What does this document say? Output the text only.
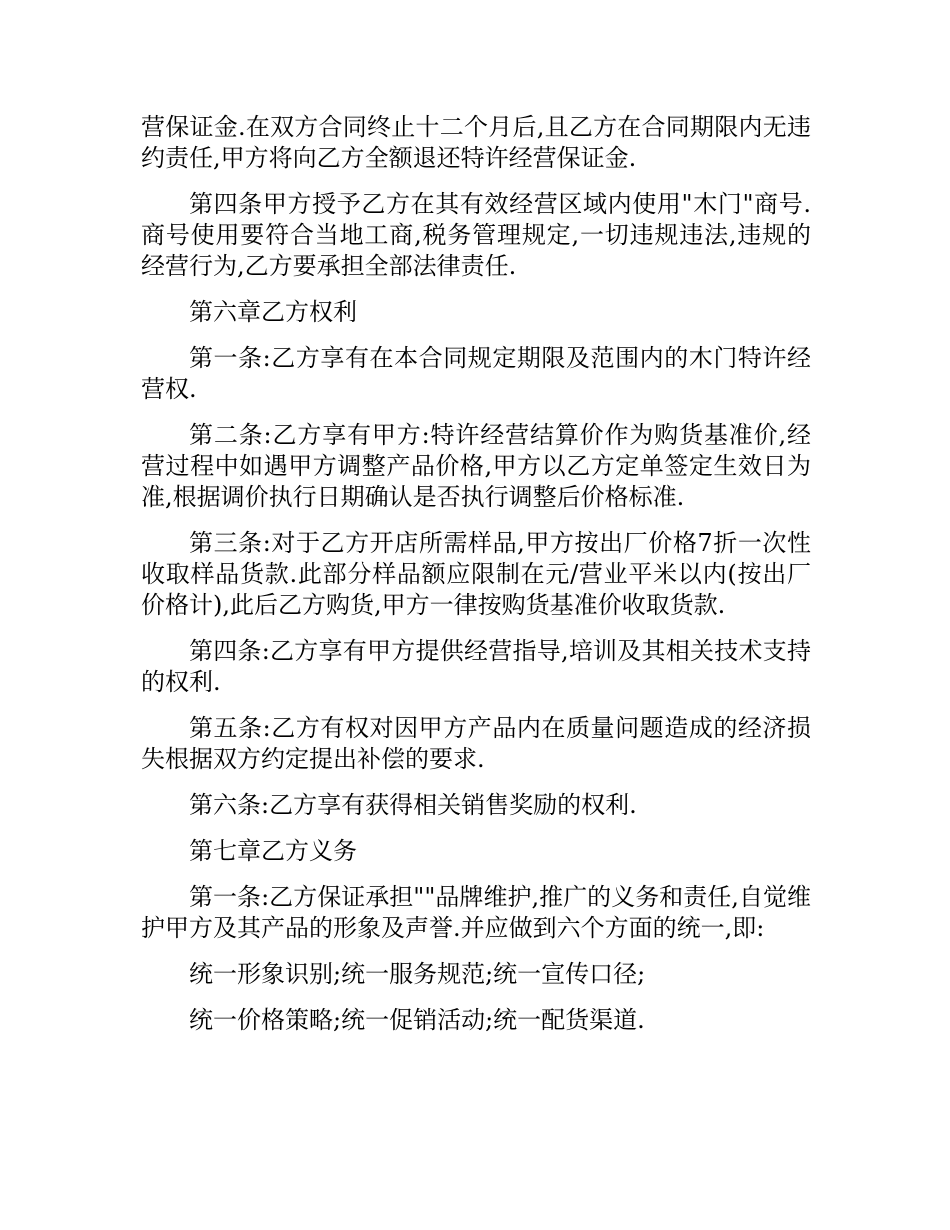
营保证金.在双方合同终止十二个月后,且乙方在合同期限内无违约责任,甲方将向乙方全额退还特许经营保证金.

第四条甲方授予乙方在其有效经营区域内使用"木门"商号.商号使用要符合当地工商,税务管理规定,一切违规违法,违规的经营行为,乙方要承担全部法律责任.

第六章乙方权利

第一条:乙方享有在本合同规定期限及范围内的木门特许经营权.

第二条:乙方享有甲方:特许经营结算价作为购货基准价,经营过程中如遇甲方调整产品价格,甲方以乙方定单签定生效日为准,根据调价执行日期确认是否执行调整后价格标准.

第三条:对于乙方开店所需样品,甲方按出厂价格7折一次性收取样品货款.此部分样品额应限制在元/营业平米以内(按出厂价格计),此后乙方购货,甲方一律按购货基准价收取货款.

第四条:乙方享有甲方提供经营指导,培训及其相关技术支持的权利.

第五条:乙方有权对因甲方产品内在质量问题造成的经济损失根据双方约定提出补偿的要求.

第六条:乙方享有获得相关销售奖励的权利.

第七章乙方义务

第一条:乙方保证承担""品牌维护,推广的义务和责任,自觉维护甲方及其产品的形象及声誉.并应做到六个方面的统一,即:

统一形象识别;统一服务规范;统一宣传口径;

统一价格策略;统一促销活动;统一配货渠道.
